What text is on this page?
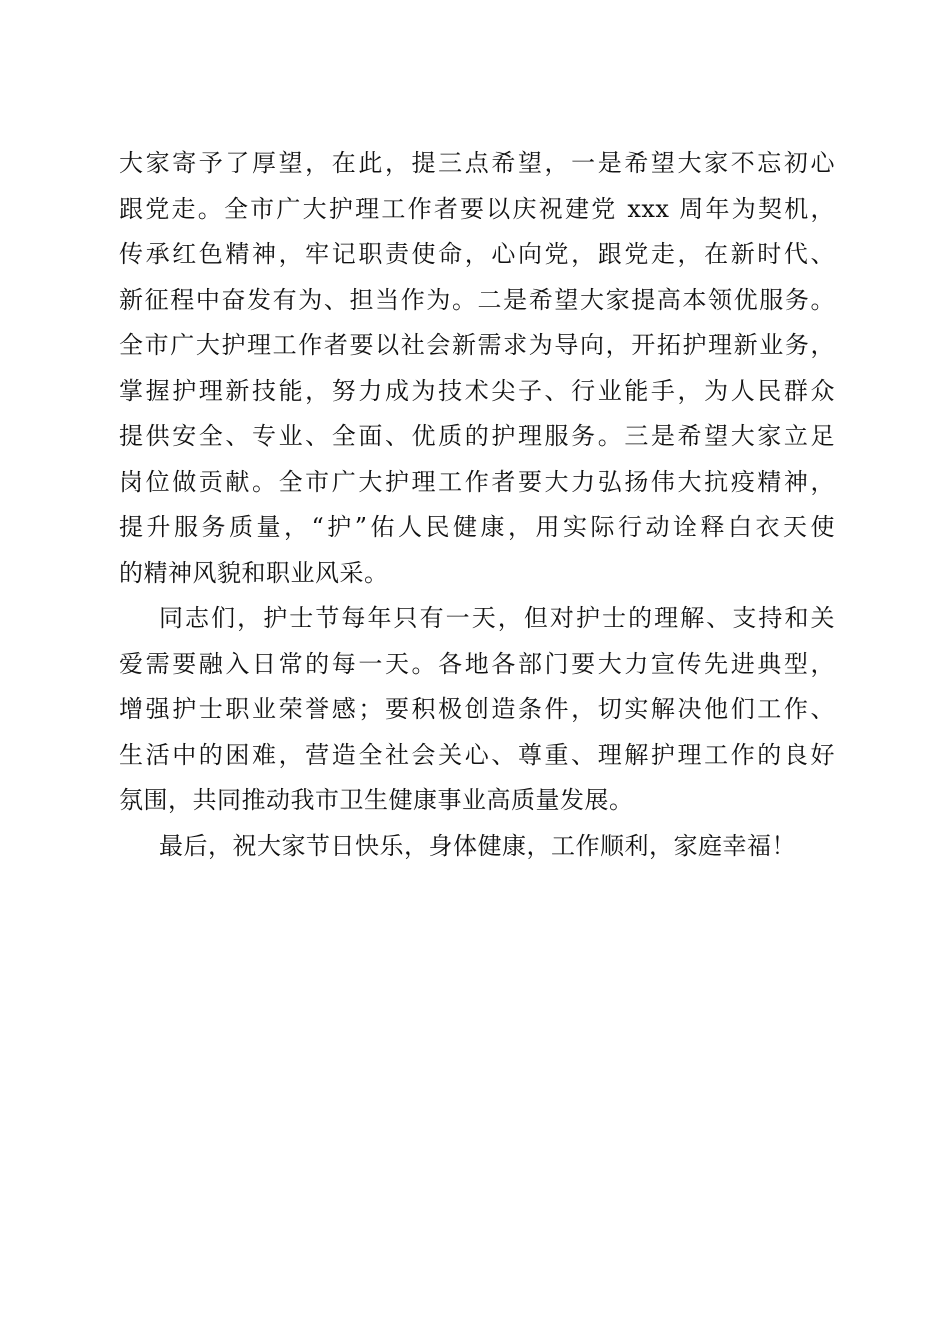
大家寄予了厚望，在此，提三点希望，一是希望大家不忘初心
跟党走。全市广大护理工作者要以庆祝建党 xxx 周年为契机，
传承红色精神，牢记职责使命，心向党，跟党走，在新时代、
新征程中奋发有为、担当作为。二是希望大家提高本领优服务。
全市广大护理工作者要以社会新需求为导向，开拓护理新业务，
掌握护理新技能，努力成为技术尖子、行业能手，为人民群众
提供安全、专业、全面、优质的护理服务。三是希望大家立足
岗位做贡献。全市广大护理工作者要大力弘扬伟大抗疫精神，
提升服务质量，“护”佑人民健康，用实际行动诠释白衣天使
的精神风貌和职业风采。
同志们，护士节每年只有一天，但对护士的理解、支持和关
爱需要融入日常的每一天。各地各部门要大力宣传先进典型，
增强护士职业荣誉感；要积极创造条件，切实解决他们工作、
生活中的困难，营造全社会关心、尊重、理解护理工作的良好
氛围，共同推动我市卫生健康事业高质量发展。
最后，祝大家节日快乐，身体健康，工作顺利，家庭幸福！
